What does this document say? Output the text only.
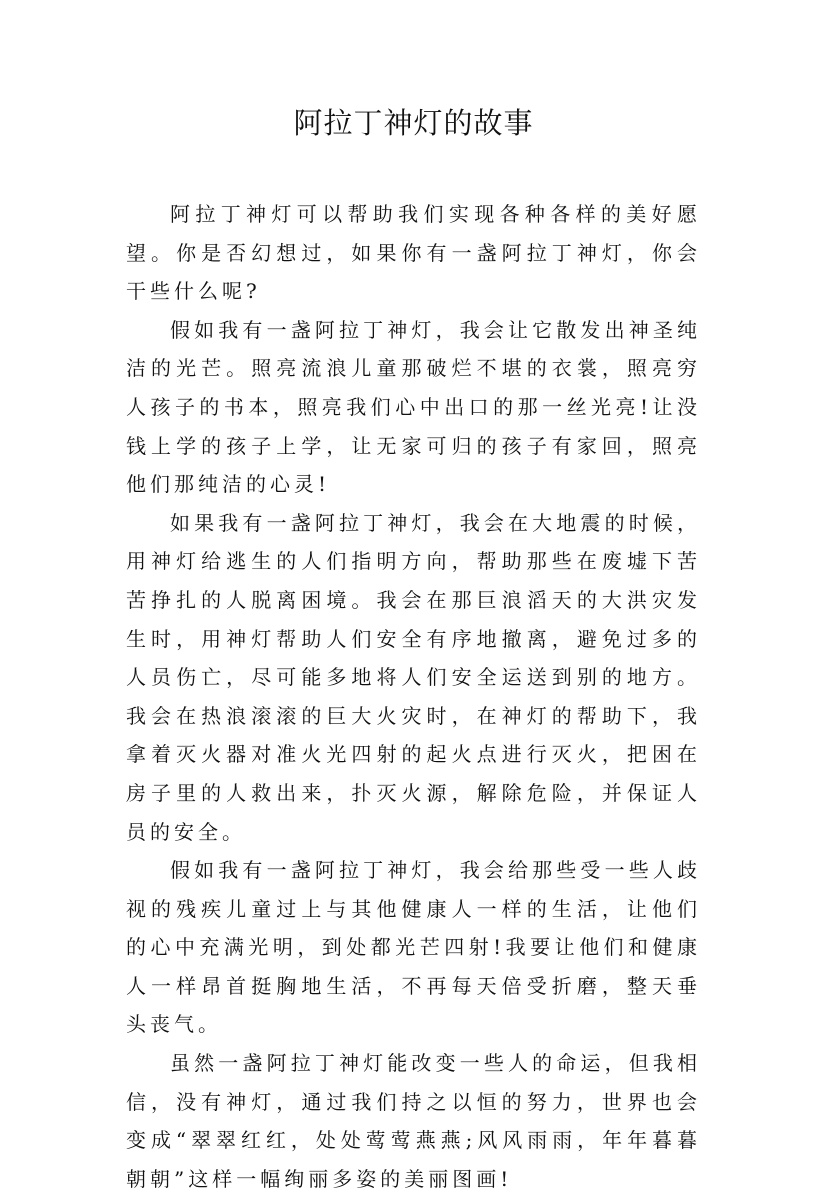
阿拉丁神灯的故事

阿拉丁神灯可以帮助我们实现各种各样的美好愿望。你是否幻想过，如果你有一盏阿拉丁神灯，你会干些什么呢?

假如我有一盏阿拉丁神灯，我会让它散发出神圣纯洁的光芒。照亮流浪儿童那破烂不堪的衣裳，照亮穷人孩子的书本，照亮我们心中出口的那一丝光亮!让没钱上学的孩子上学，让无家可归的孩子有家回，照亮他们那纯洁的心灵!

如果我有一盏阿拉丁神灯，我会在大地震的时候，用神灯给逃生的人们指明方向，帮助那些在废墟下苦苦挣扎的人脱离困境。我会在那巨浪滔天的大洪灾发生时，用神灯帮助人们安全有序地撤离，避免过多的人员伤亡，尽可能多地将人们安全运送到别的地方。我会在热浪滚滚的巨大火灾时，在神灯的帮助下，我拿着灭火器对准火光四射的起火点进行灭火，把困在房子里的人救出来，扑灭火源，解除危险，并保证人员的安全。

假如我有一盏阿拉丁神灯，我会给那些受一些人歧视的残疾儿童过上与其他健康人一样的生活，让他们的心中充满光明，到处都光芒四射!我要让他们和健康人一样昂首挺胸地生活，不再每天倍受折磨，整天垂头丧气。

虽然一盏阿拉丁神灯能改变一些人的命运，但我相信，没有神灯，通过我们持之以恒的努力，世界也会变成“翠翠红红，处处莺莺燕燕;风风雨雨，年年暮暮朝朝”这样一幅绚丽多姿的美丽图画!
